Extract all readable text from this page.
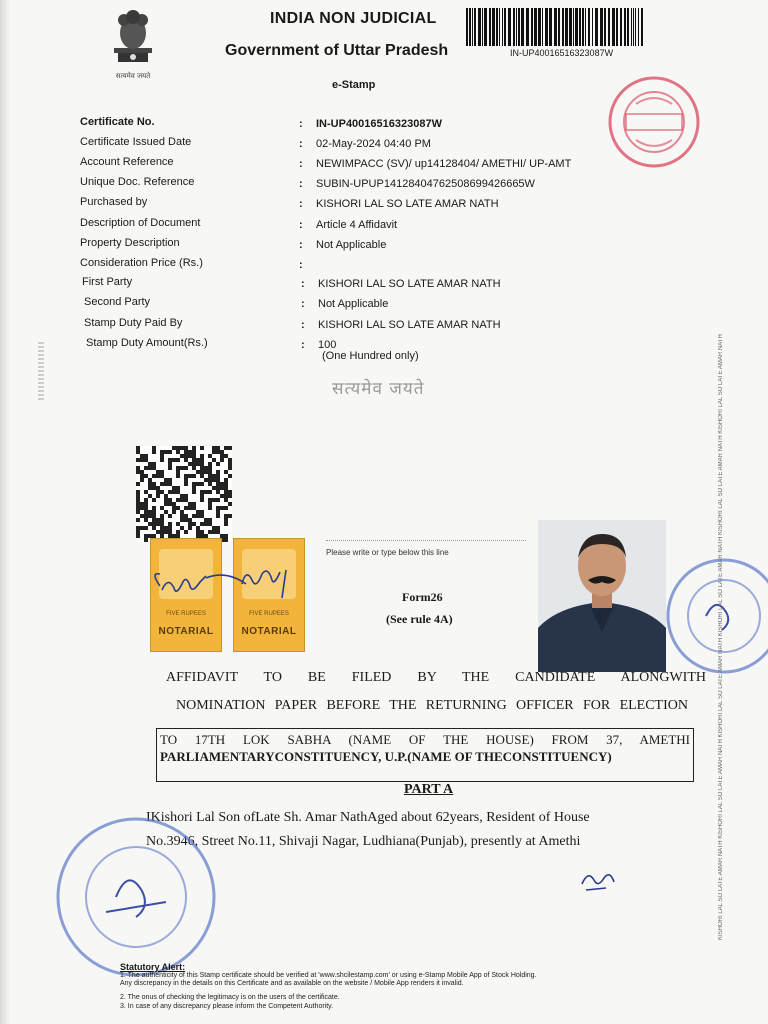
सत्यमेव जयते
INDIA NON JUDICIAL
Government of Uttar Pradesh
e-Stamp
IN-UP40016516323087W
Certificate No.	: IN-UP40016516323087W
Certificate Issued Date	: 02-May-2024 04:40 PM
Account Reference	: NEWIMPACC (SV)/ up14128404/ AMETHI/ UP-AMT
Unique Doc. Reference	: SUBIN-UPUP14128404762508699426665W
Purchased by	: KISHORI LAL SO LATE AMAR NATH
Description of Document	: Article 4 Affidavit
Property Description	: Not Applicable
Consideration Price (Rs.)	:
First Party	: KISHORI LAL SO LATE AMAR NATH
Second Party	: Not Applicable
Stamp Duty Paid By	: KISHORI LAL SO LATE AMAR NATH
Stamp Duty Amount(Rs.)	: 100
(One Hundred only)
सत्यमेव जयते	KISHORI LAL SO LATE AMAR NATH KISHORI LAL SO LATE AMAR NATH KISHORI LAL SO LATE AMAR NATH KISHORI LAL SO LATE AMAR NATH KISHORI LAL SO LATE AMAR NATH KISHORI LAL SO LATE AMAR NATH
FIVE RUPEES
NOTARIAL
FIVE RUPEES
NOTARIAL
Please write or type below this line
Form26
(See rule 4A)
AFFIDAVIT TO BE FILED BY THE CANDIDATE ALONGWITH
NOMINATION PAPER BEFORE THE RETURNING OFFICER FOR ELECTION
TO 17TH LOK SABHA (NAME OF THE HOUSE) FROM 37, AMETHI
PARLIAMENTARYCONSTITUENCY, U.P.(NAME OF THECONSTITUENCY)
PART A
IKishori Lal Son ofLate Sh. Amar NathAged about 62years, Resident of House
No.3946, Street No.11, Shivaji Nagar, Ludhiana(Punjab), presently at Amethi
Statutory Alert:
1. The authenticity of this Stamp certificate should be verified at 'www.shcilestamp.com' or using e-Stamp Mobile App of Stock Holding.
Any discrepancy in the details on this Certificate and as available on the website / Mobile App renders it invalid.
2. The onus of checking the legitimacy is on the users of the certificate.
3. In case of any discrepancy please inform the Competent Authority.
